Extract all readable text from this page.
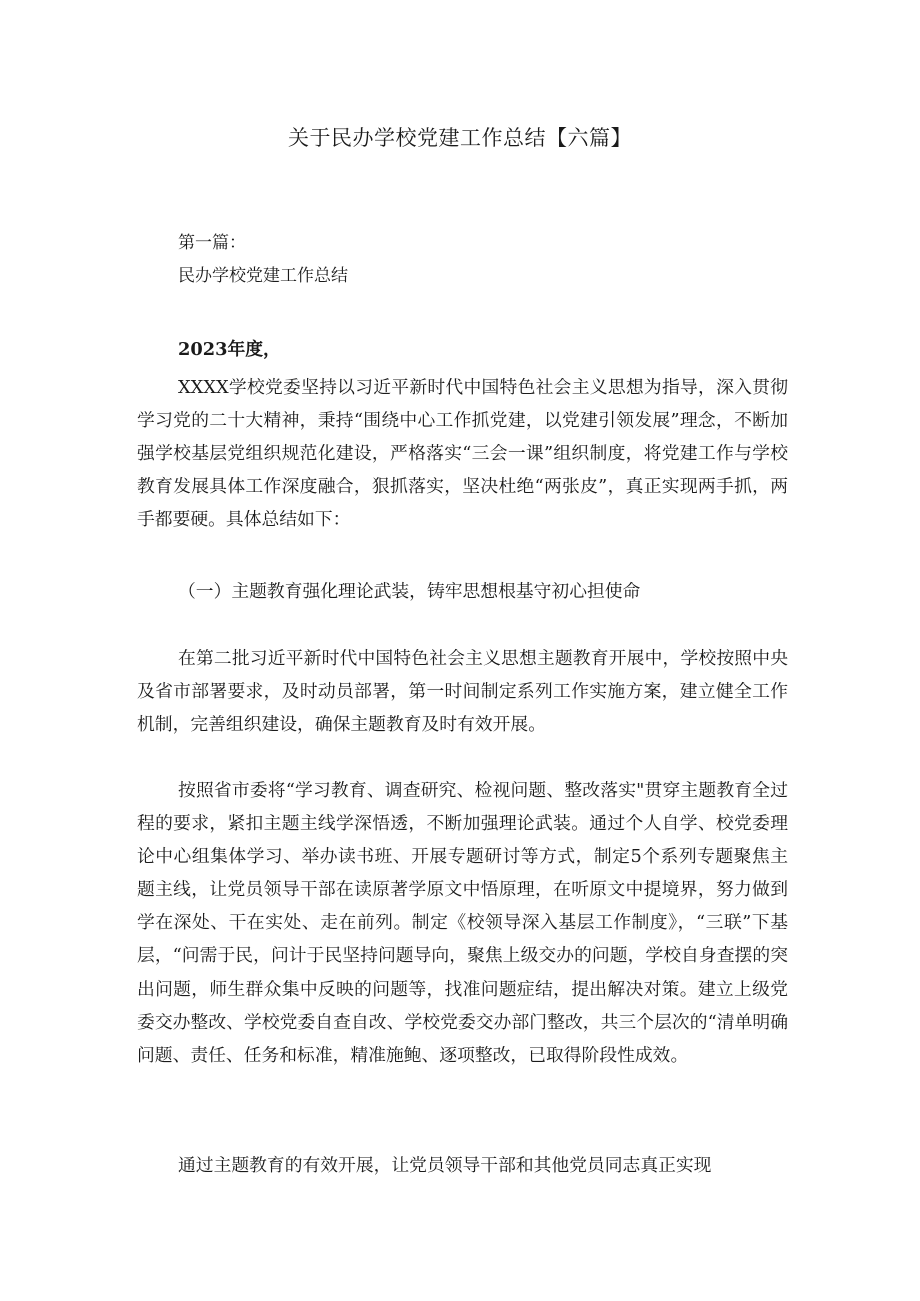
关于民办学校党建工作总结【六篇】
第一篇：
民办学校党建工作总结
2023年度，
XXXX学校党委坚持以习近平新时代中国特色社会主义思想为指导，深入贯彻学习党的二十大精神，秉持“围绕中心工作抓党建，以党建引领发展”理念，不断加强学校基层党组织规范化建设，严格落实“三会一课”组织制度，将党建工作与学校教育发展具体工作深度融合，狠抓落实，坚决杜绝“两张皮”，真正实现两手抓，两手都要硬。具体总结如下：
（一）主题教育强化理论武装，铸牢思想根基守初心担使命
在第二批习近平新时代中国特色社会主义思想主题教育开展中，学校按照中央及省市部署要求，及时动员部署，第一时间制定系列工作实施方案，建立健全工作机制，完善组织建设，确保主题教育及时有效开展。
按照省市委将“学习教育、调查研究、检视问题、整改落实"贯穿主题教育全过程的要求，紧扣主题主线学深悟透，不断加强理论武装。通过个人自学、校党委理论中心组集体学习、举办读书班、开展专题研讨等方式，制定5个系列专题聚焦主题主线，让党员领导干部在读原著学原文中悟原理，在听原文中提境界，努力做到学在深处、干在实处、走在前列。制定《校领导深入基层工作制度》，“三联”下基层，“问需于民，问计于民坚持问题导向，聚焦上级交办的问题，学校自身查摆的突出问题，师生群众集中反映的问题等，找准问题症结，提出解决对策。建立上级党委交办整改、学校党委自查自改、学校党委交办部门整改，共三个层次的“清单明确问题、责任、任务和标准，精准施鲍、逐项整改，已取得阶段性成效。
通过主题教育的有效开展，让党员领导干部和其他党员同志真正实现
